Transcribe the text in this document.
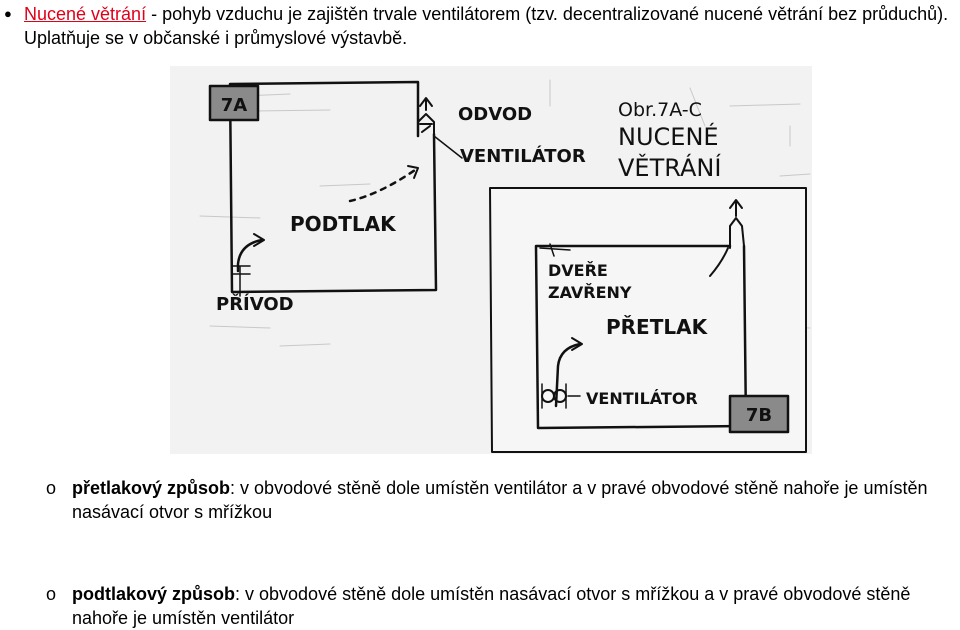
● Nucené větrání - pohyb vzduchu je zajištěn trvale ventilátorem (tzv. decentralizované nucené větrání bez průduchů). Uplatňuje se v občanské i průmyslové výstavbě.
7A	ODVOD
VENTILÁTOR
PODTLAK
PŘÍVOD
Obr.7A-C
NUCENÉ
VĚTRÁNÍ
DVEŘE
ZAVŘENY
PŘETLAK
VENTILÁTOR
7B
o přetlakový způsob: v obvodové stěně dole umístěn ventilátor a v pravé obvodové stěně nahoře je umístěn nasávací otvor s mřížkou
o podtlakový způsob: v obvodové stěně dole umístěn nasávací otvor s mřížkou a v pravé obvodové stěně nahoře je umístěn ventilátor
